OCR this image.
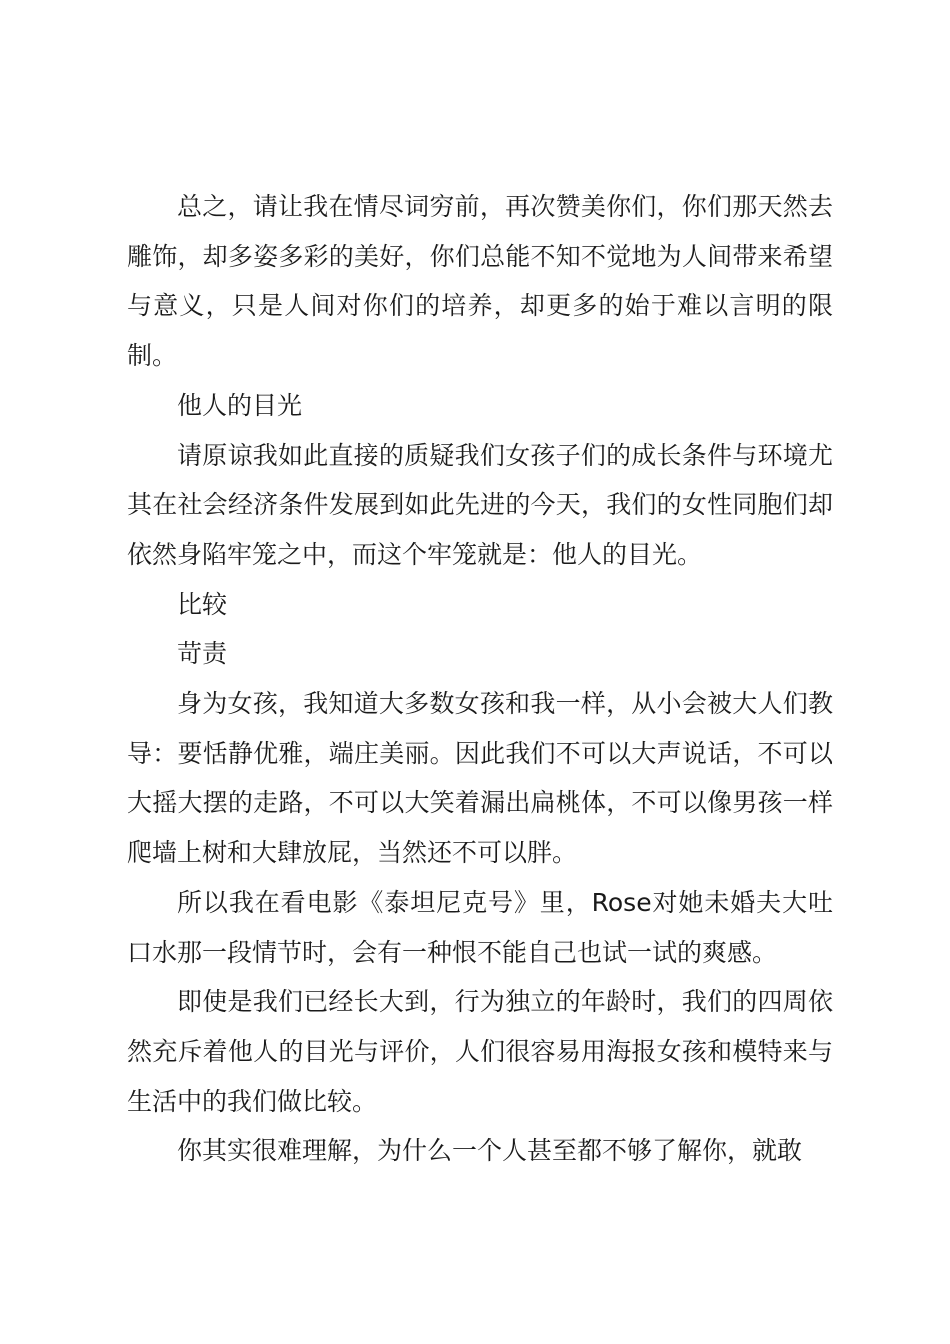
总之，请让我在情尽词穷前，再次赞美你们，你们那天然去雕饰，却多姿多彩的美好，你们总能不知不觉地为人间带来希望与意义，只是人间对你们的培养，却更多的始于难以言明的限制。

他人的目光

请原谅我如此直接的质疑我们女孩子们的成长条件与环境尤其在社会经济条件发展到如此先进的今天，我们的女性同胞们却依然身陷牢笼之中，而这个牢笼就是：他人的目光。

比较

苛责

身为女孩，我知道大多数女孩和我一样，从小会被大人们教导：要恬静优雅，端庄美丽。因此我们不可以大声说话，不可以大摇大摆的走路，不可以大笑着漏出扁桃体，不可以像男孩一样爬墙上树和大肆放屁，当然还不可以胖。

所以我在看电影《泰坦尼克号》里，Rose对她未婚夫大吐口水那一段情节时，会有一种恨不能自己也试一试的爽感。

即使是我们已经长大到，行为独立的年龄时，我们的四周依然充斥着他人的目光与评价，人们很容易用海报女孩和模特来与生活中的我们做比较。

你其实很难理解，为什么一个人甚至都不够了解你，就敢
